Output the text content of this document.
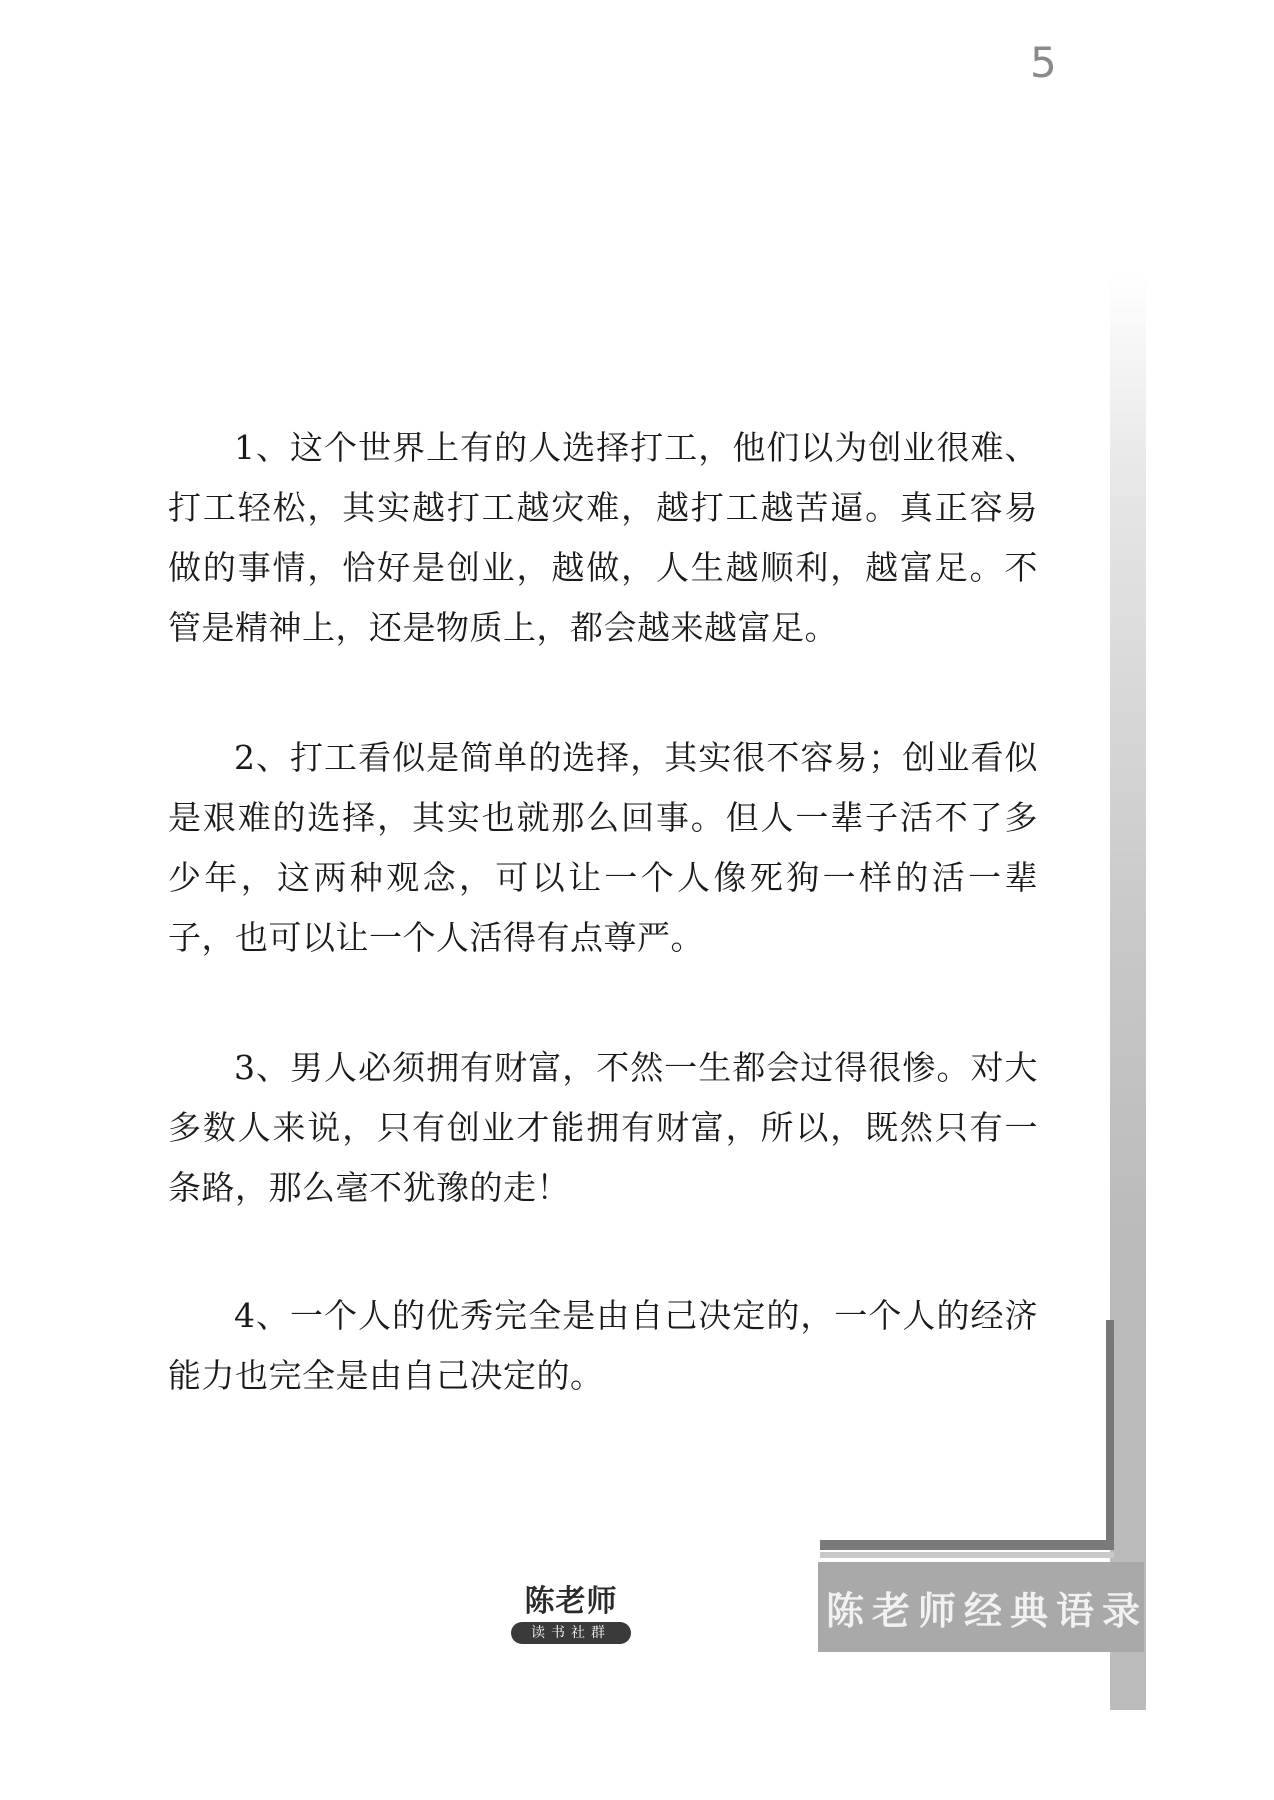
5

1、这个世界上有的人选择打工，他们以为创业很难、打工轻松，其实越打工越灾难，越打工越苦逼。真正容易做的事情，恰好是创业，越做，人生越顺利，越富足。不管是精神上，还是物质上，都会越来越富足。

2、打工看似是简单的选择，其实很不容易；创业看似是艰难的选择，其实也就那么回事。但人一辈子活不了多少年，这两种观念，可以让一个人像死狗一样的活一辈子，也可以让一个人活得有点尊严。

3、男人必须拥有财富，不然一生都会过得很惨。对大多数人来说，只有创业才能拥有财富，所以，既然只有一条路，那么毫不犹豫的走！

4、一个人的优秀完全是由自己决定的，一个人的经济能力也完全是由自己决定的。

陈老师
读书社群	陈老师经典语录
